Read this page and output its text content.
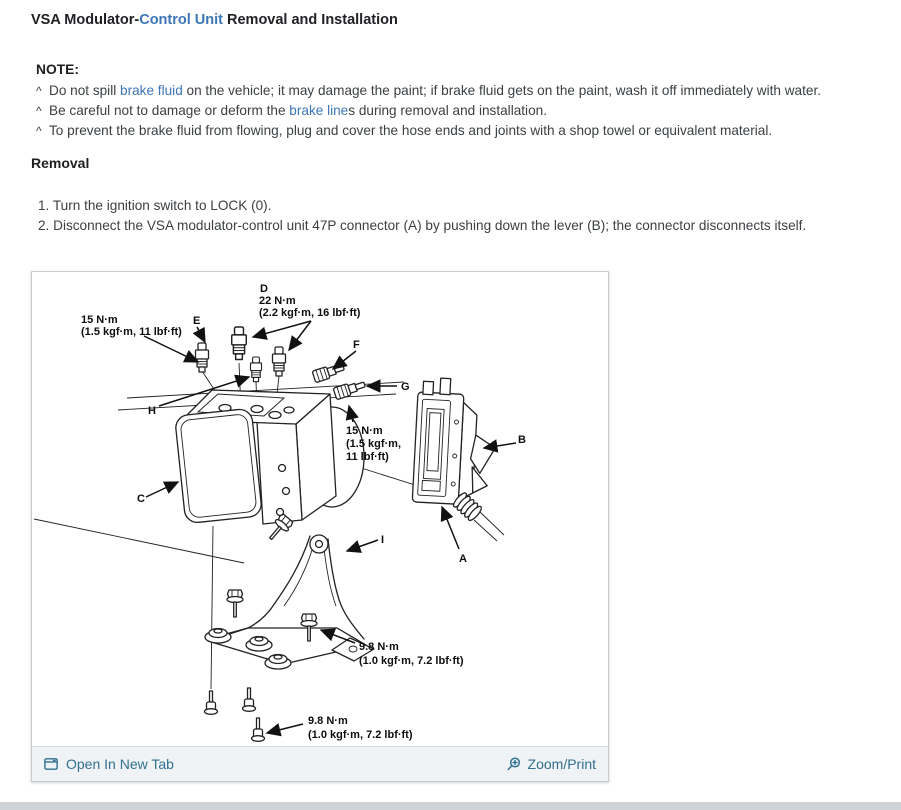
VSA Modulator-Control Unit Removal and Installation
NOTE:
^ Do not spill brake fluid on the vehicle; it may damage the paint; if brake fluid gets on the paint, wash it off immediately with water.
^ Be careful not to damage or deform the brake lines during removal and installation.
^ To prevent the brake fluid from flowing, plug and cover the hose ends and joints with a shop towel or equivalent material.
Removal
1. Turn the ignition switch to LOCK (0).
2. Disconnect the VSA modulator-control unit 47P connector (A) by pushing down the lever (B); the connector disconnects itself.
D
E
F
G
H
B
C
I
A
15 N·m
(1.5 kgf·m, 11 lbf·ft)
22 N·m
(2.2 kgf·m, 16 lbf·ft)
15 N·m
(1.5 kgf·m,
11 lbf·ft)
9.8 N·m
(1.0 kgf·m, 7.2 lbf·ft)
9.8 N·m
(1.0 kgf·m, 7.2 lbf·ft)
Open In New Tab	Zoom/Print
